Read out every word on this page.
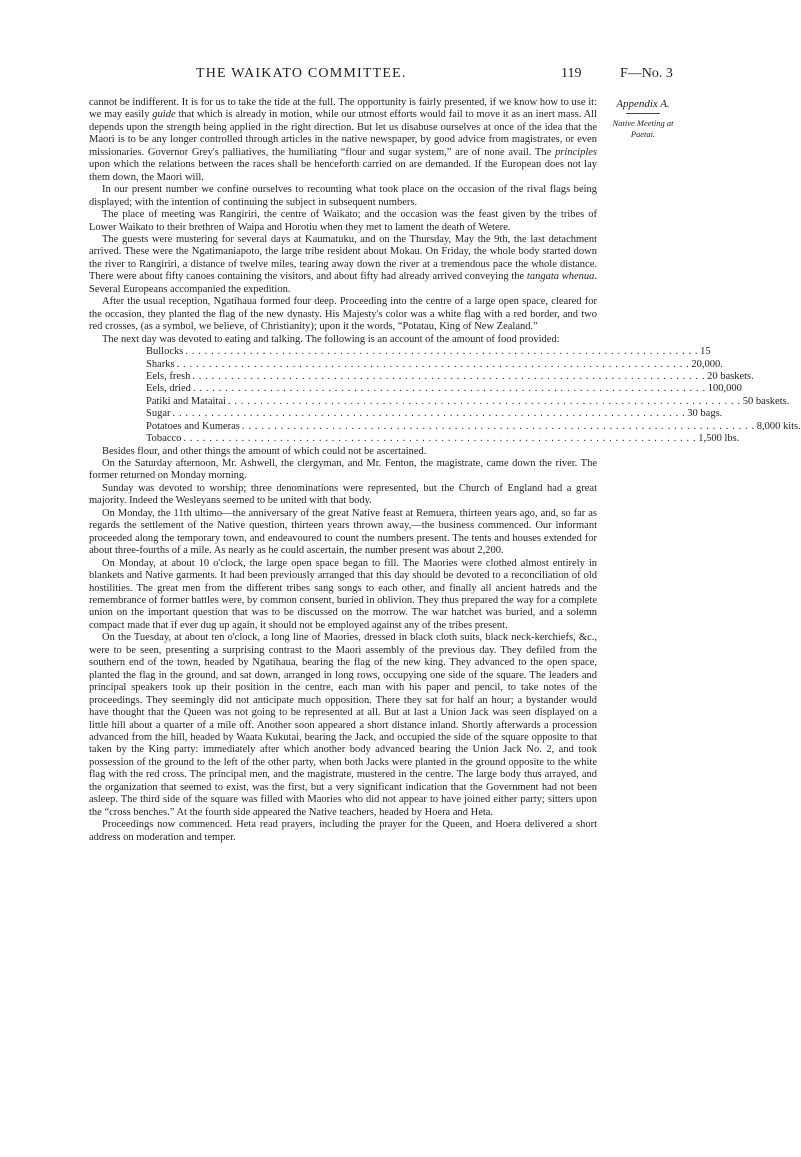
THE WAIKATO COMMITTEE.	119	F—No. 3
Appendix A.
Native Meeting at Paetai.

cannot be indifferent. It is for us to take the tide at the full. The opportunity is fairly presented, if we know how to use it: we may easily guide that which is already in motion, while our utmost efforts would fail to move it as an inert mass. All depends upon the strength being applied in the right direction. But let us disabuse ourselves at once of the idea that the Maori is to be any longer controlled through articles in the native newspaper, by good advice from magistrates, or even missionaries. Governor Grey's palliatives, the humiliating “flour and sugar system,” are of none avail. The principles upon which the relations between the races shall be henceforth carried on are demanded. If the European does not lay them down, the Maori will.

In our present number we confine ourselves to recounting what took place on the occasion of the rival flags being displayed; with the intention of continuing the subject in subsequent numbers.

The place of meeting was Rangiriri, the centre of Waikato; and the occasion was the feast given by the tribes of Lower Waikato to their brethren of Waipa and Horotiu when they met to lament the death of Wetere.

The guests were mustering for several days at Kaumatuku, and on the Thursday, May the 9th, the last detachment arrived. These were the Ngatimaniapoto, the large tribe resident about Mokau. On Friday, the whole body started down the river to Rangiriri, a distance of twelve miles, tearing away down the river at a tremendous pace the whole distance. There were about fifty canoes containing the visitors, and about fifty had already arrived conveying the tangata whenua. Several Europeans accompanied the expedition.

After the usual reception, Ngatihaua formed four deep. Proceeding into the centre of a large open space, cleared for the occasion, they planted the flag of the new dynasty. His Majesty's color was a white flag with a red border, and two red crosses, (as a symbol, we believe, of Christianity); upon it the words, “Potatau, King of New Zealand.”

The next day was devoted to eating and talking. The following is an account of the amount of food provided:

Bullocks . . . . . . . . . . . . . . . . . . . . . . . . . . . . . . . . . . . . . . . . . . . . . . . . . . . . . . . . . . . . . . . . . . . . . . . . . . . . . . . . 15
Sharks . . . . . . . . . . . . . . . . . . . . . . . . . . . . . . . . . . . . . . . . . . . . . . . . . . . . . . . . . . . . . . . . . . . . . . . . . . . . . . . . 20,000.
Eels, fresh . . . . . . . . . . . . . . . . . . . . . . . . . . . . . . . . . . . . . . . . . . . . . . . . . . . . . . . . . . . . . . . . . . . . . . . . . . . . . . . . 20 baskets.
Eels, dried . . . . . . . . . . . . . . . . . . . . . . . . . . . . . . . . . . . . . . . . . . . . . . . . . . . . . . . . . . . . . . . . . . . . . . . . . . . . . . . . 100,000
Patiki and Mataitai . . . . . . . . . . . . . . . . . . . . . . . . . . . . . . . . . . . . . . . . . . . . . . . . . . . . . . . . . . . . . . . . . . . . . . . . . . . . . . . . 50 baskets.
Sugar . . . . . . . . . . . . . . . . . . . . . . . . . . . . . . . . . . . . . . . . . . . . . . . . . . . . . . . . . . . . . . . . . . . . . . . . . . . . . . . . 30 bags.
Potatoes and Kumeras . . . . . . . . . . . . . . . . . . . . . . . . . . . . . . . . . . . . . . . . . . . . . . . . . . . . . . . . . . . . . . . . . . . . . . . . . . . . . . . . 8,000 kits.
Tobacco . . . . . . . . . . . . . . . . . . . . . . . . . . . . . . . . . . . . . . . . . . . . . . . . . . . . . . . . . . . . . . . . . . . . . . . . . . . . . . . . 1,500 lbs.

Besides flour, and other things the amount of which could not be ascertained.

On the Saturday afternoon, Mr. Ashwell, the clergyman, and Mr. Fenton, the magistrate, came down the river. The former returned on Monday morning.

Sunday was devoted to worship; three denominations were represented, but the Church of England had a great majority. Indeed the Wesleyans seemed to be united with that body.

On Monday, the 11th ultimo—the anniversary of the great Native feast at Remuera, thirteen years ago, and, so far as regards the settlement of the Native question, thirteen years thrown away,—the business commenced. Our informant proceeded along the temporary town, and endeavoured to count the numbers present. The tents and houses extended for about three-fourths of a mile. As nearly as he could ascertain, the number present was about 2,200.

On Monday, at about 10 o'clock, the large open space began to fill. The Maories were clothed almost entirely in blankets and Native garments. It had been previously arranged that this day should be devoted to a reconciliation of old hostilities. The great men from the different tribes sang songs to each other, and finally all ancient hatreds and the remembrance of former battles were, by common consent, buried in oblivion. They thus prepared the way for a complete union on the important question that was to be discussed on the morrow. The war hatchet was buried, and a solemn compact made that if ever dug up again, it should not be employed against any of the tribes present.

On the Tuesday, at about ten o'clock, a long line of Maories, dressed in black cloth suits, black neck-kerchiefs, &c., were to be seen, presenting a surprising contrast to the Maori assembly of the previous day. They defiled from the southern end of the town, headed by Ngatihaua, bearing the flag of the new king. They advanced to the open space, planted the flag in the ground, and sat down, arranged in long rows, occupying one side of the square. The leaders and principal speakers took up their position in the centre, each man with his paper and pencil, to take notes of the proceedings. They seemingly did not anticipate much opposition. There they sat for half an hour; a bystander would have thought that the Queen was not going to be represented at all. But at last a Union Jack was seen displayed on a little hill about a quarter of a mile off. Another soon appeared a short distance inland. Shortly afterwards a procession advanced from the hill, headed by Waata Kukutai, bearing the Jack, and occupied the side of the square opposite to that taken by the King party: immediately after which another body advanced bearing the Union Jack No. 2, and took possession of the ground to the left of the other party, when both Jacks were planted in the ground opposite to the white flag with the red cross. The principal men, and the magistrate, mustered in the centre. The large body thus arrayed, and the organization that seemed to exist, was the first, but a very significant indication that the Government had not been asleep. The third side of the square was filled with Maories who did not appear to have joined either party; sitters upon the “cross benches.” At the fourth side appeared the Native teachers, headed by Hoera and Heta.

Proceedings now commenced. Heta read prayers, including the prayer for the Queen, and Hoera delivered a short address on moderation and temper.
